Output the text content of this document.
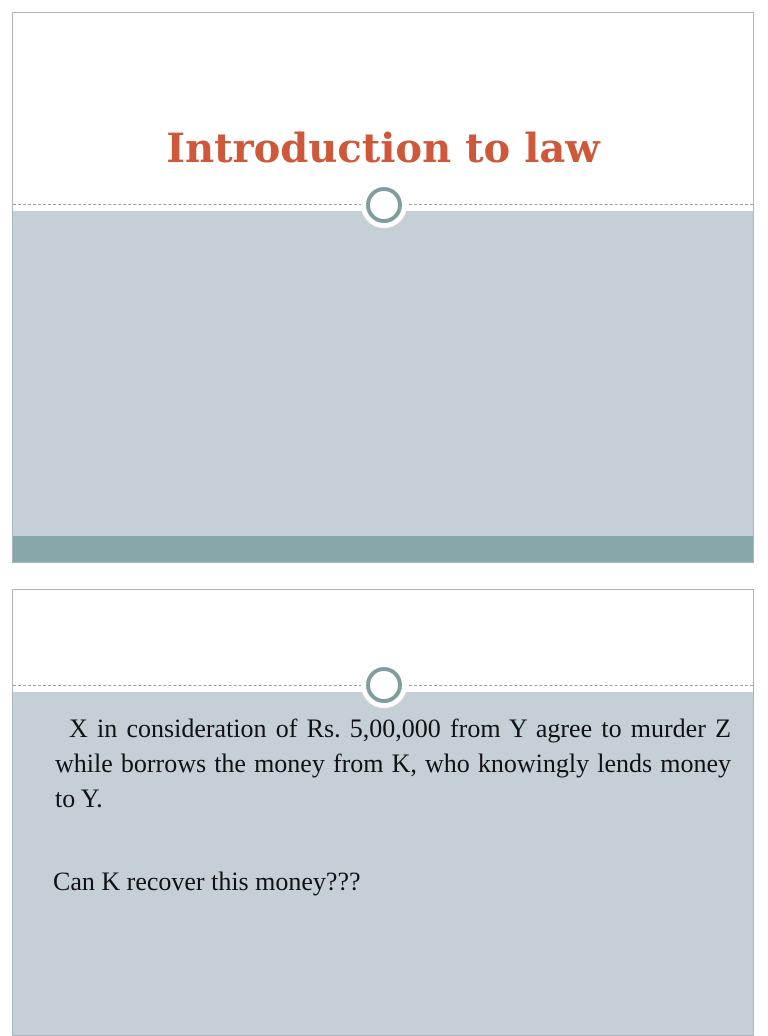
Introduction to law

X in consideration of Rs. 5,00,000 from Y agree to murder Z while borrows the money from K, who knowingly lends money to Y.

Can K recover this money???
